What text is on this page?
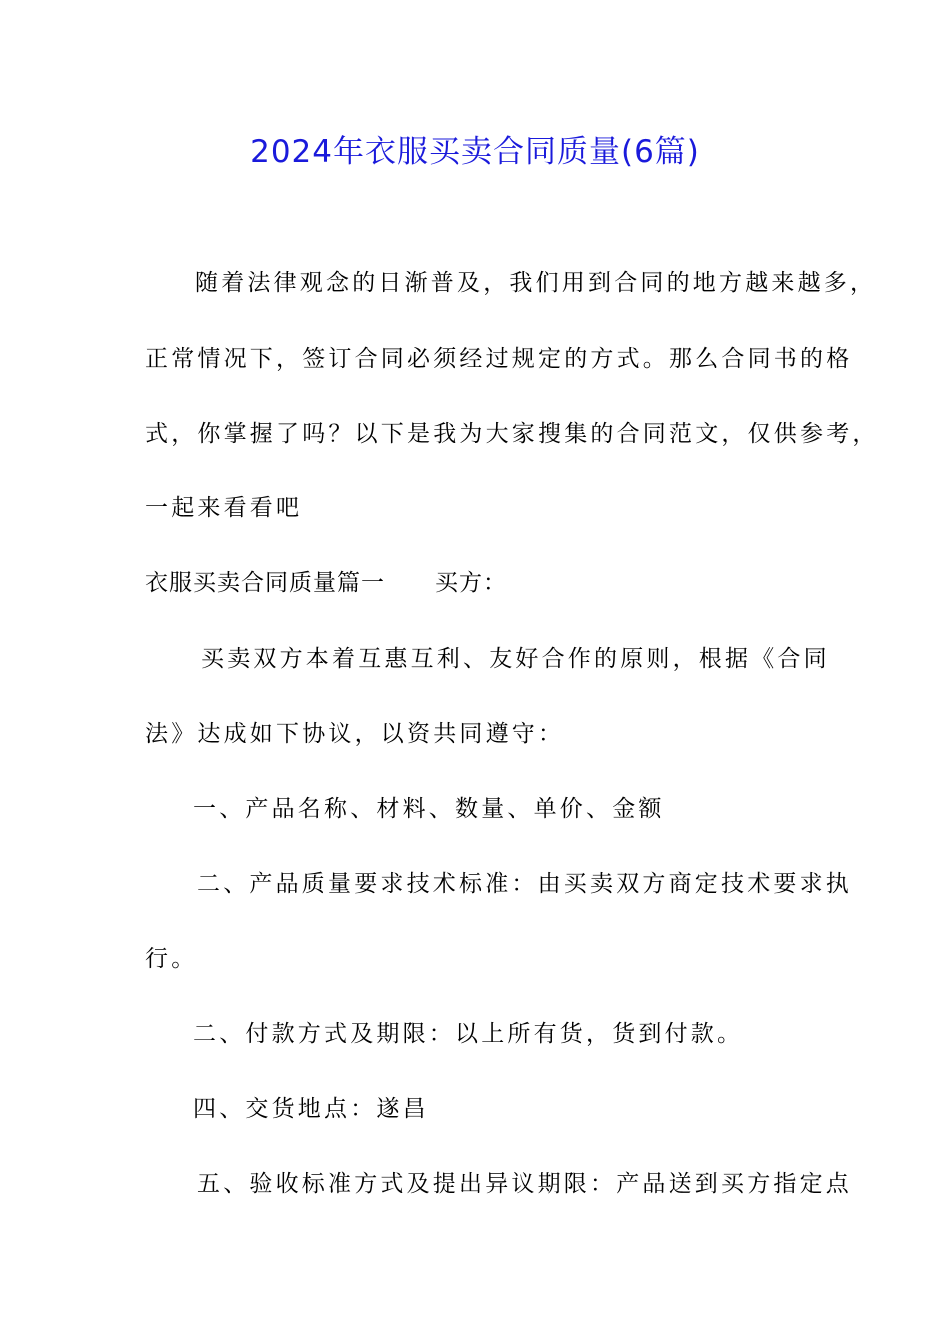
2024年衣服买卖合同质量(6篇)
随着法律观念的日渐普及，我们用到合同的地方越来越多，
正常情况下，签订合同必须经过规定的方式。那么合同书的格
式，你掌握了吗？以下是我为大家搜集的合同范文，仅供参考，
一起来看看吧
衣服买卖合同质量篇一 买方：
买卖双方本着互惠互利、友好合作的原则，根据《合同
法》达成如下协议，以资共同遵守：
一、产品名称、材料、数量、单价、金额
二、产品质量要求技术标准：由买卖双方商定技术要求执
行。
二、付款方式及期限：以上所有货，货到付款。
四、交货地点：遂昌
五、验收标准方式及提出异议期限：产品送到买方指定点
